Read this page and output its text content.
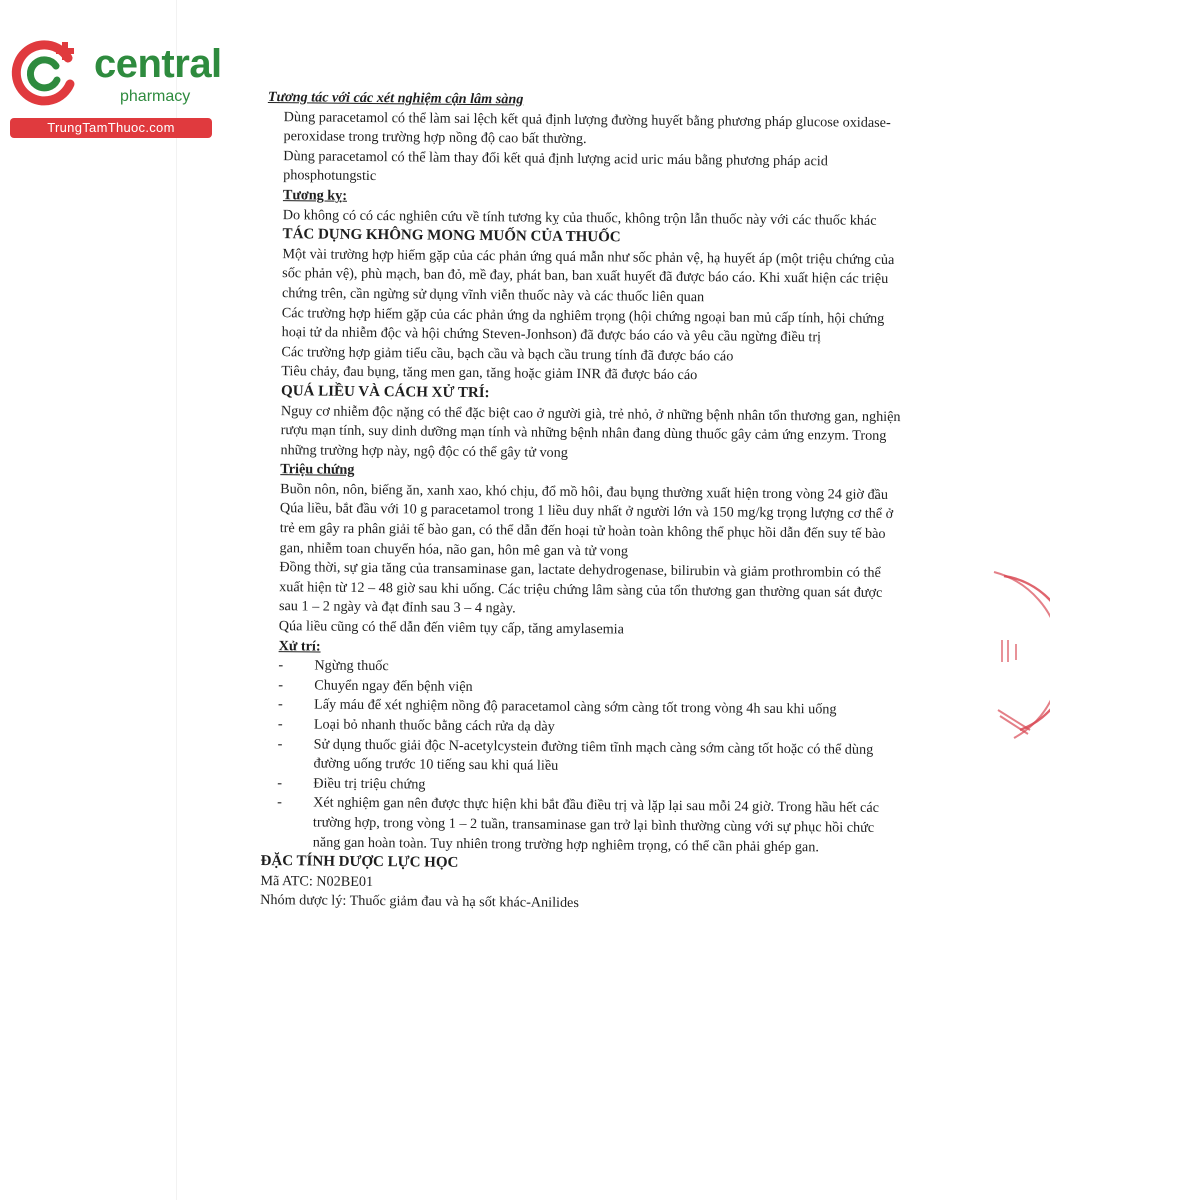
central
pharmacy
TrungTamThuoc.com

Tương tác với các xét nghiệm cận lâm sàng

Dùng paracetamol có thể làm sai lệch kết quả định lượng đường huyết bằng phương pháp glucose oxidase-peroxidase trong trường hợp nồng độ cao bất thường.

Dùng paracetamol có thể làm thay đổi kết quả định lượng acid uric máu bằng phương pháp acid phosphotungstic

Tương kỵ:

Do không có có các nghiên cứu về tính tương kỵ của thuốc, không trộn lẫn thuốc này với các thuốc khác

TÁC DỤNG KHÔNG MONG MUỐN CỦA THUỐC

Một vài trường hợp hiếm gặp của các phản ứng quá mẫn như sốc phản vệ, hạ huyết áp (một triệu chứng của sốc phản vệ), phù mạch, ban đỏ, mề đay, phát ban, ban xuất huyết đã được báo cáo. Khi xuất hiện các triệu chứng trên, cần ngừng sử dụng vĩnh viễn thuốc này và các thuốc liên quan

Các trường hợp hiếm gặp của các phản ứng da nghiêm trọng (hội chứng ngoại ban mủ cấp tính, hội chứng hoại tử da nhiễm độc và hội chứng Steven-Jonhson) đã được báo cáo và yêu cầu ngừng điều trị

Các trường hợp giảm tiểu cầu, bạch cầu và bạch cầu trung tính đã được báo cáo

Tiêu chảy, đau bụng, tăng men gan, tăng hoặc giảm INR đã được báo cáo

QUÁ LIỀU VÀ CÁCH XỬ TRÍ:

Nguy cơ nhiễm độc nặng có thể đặc biệt cao ở người già, trẻ nhỏ, ở những bệnh nhân tổn thương gan, nghiện rượu mạn tính, suy dinh dưỡng mạn tính và những bệnh nhân đang dùng thuốc gây cảm ứng enzym. Trong những trường hợp này, ngộ độc có thể gây tử vong

Triệu chứng

Buồn nôn, nôn, biếng ăn, xanh xao, khó chịu, đổ mồ hôi, đau bụng thường xuất hiện trong vòng 24 giờ đầu

Qúa liều, bắt đầu với 10 g paracetamol trong 1 liều duy nhất ở người lớn và 150 mg/kg trọng lượng cơ thể ở trẻ em gây ra phân giải tế bào gan, có thể dẫn đến hoại tử hoàn toàn không thể phục hồi dẫn đến suy tế bào gan, nhiễm toan chuyển hóa, não gan, hôn mê gan và tử vong

Đồng thời, sự gia tăng của transaminase gan, lactate dehydrogenase, bilirubin và giảm prothrombin có thể xuất hiện từ 12 – 48 giờ sau khi uống. Các triệu chứng lâm sàng của tổn thương gan thường quan sát được sau 1 – 2 ngày và đạt đỉnh sau 3 – 4 ngày.

Qúa liều cũng có thể dẫn đến viêm tụy cấp, tăng amylasemia

Xử trí:

- Ngừng thuốc
- Chuyển ngay đến bệnh viện
- Lấy máu để xét nghiệm nồng độ paracetamol càng sớm càng tốt trong vòng 4h sau khi uống
- Loại bỏ nhanh thuốc bằng cách rửa dạ dày
- Sử dụng thuốc giải độc N-acetylcystein đường tiêm tĩnh mạch càng sớm càng tốt hoặc có thể dùng đường uống trước 10 tiếng sau khi quá liều
- Điều trị triệu chứng
- Xét nghiệm gan nên được thực hiện khi bắt đầu điều trị và lặp lại sau mỗi 24 giờ. Trong hầu hết các trường hợp, trong vòng 1 – 2 tuần, transaminase gan trở lại bình thường cùng với sự phục hồi chức năng gan hoàn toàn. Tuy nhiên trong trường hợp nghiêm trọng, có thể cần phải ghép gan.

ĐẶC TÍNH DƯỢC LỰC HỌC

Mã ATC: N02BE01

Nhóm dược lý: Thuốc giảm đau và hạ sốt khác-Anilides
